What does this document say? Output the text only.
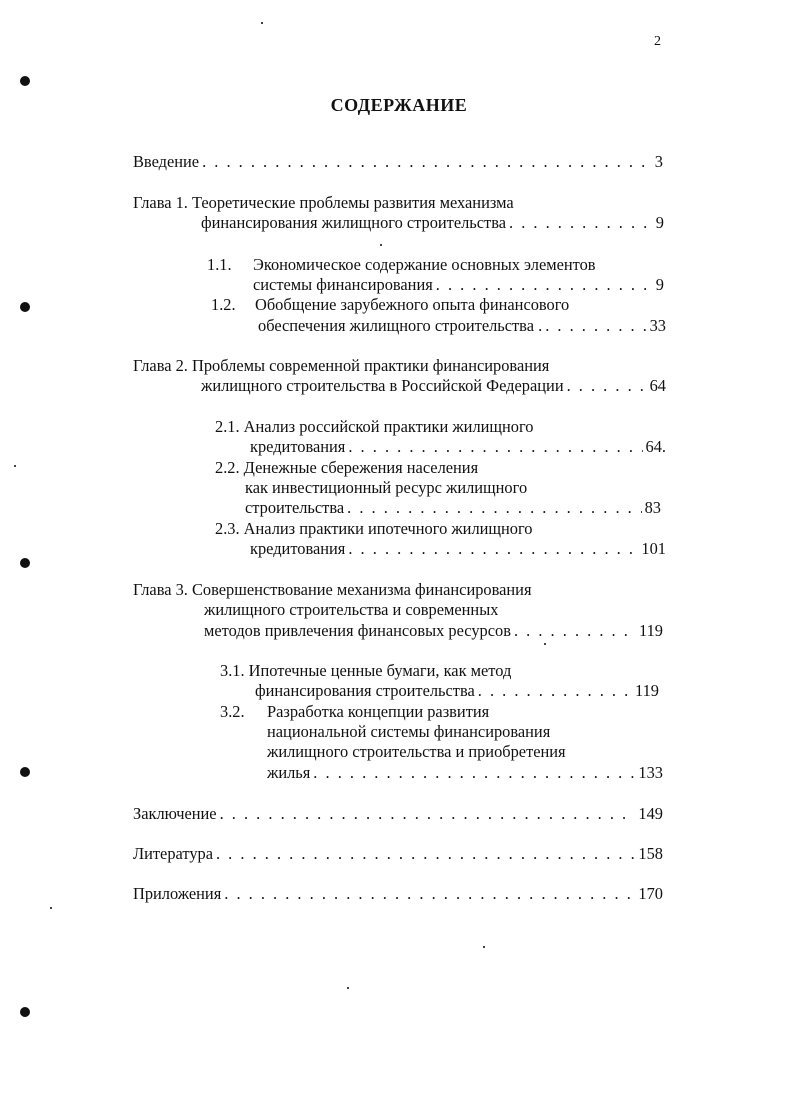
2
СОДЕРЖАНИЕ
Введение . . .	3
Глава 1. Теоретические проблемы развития механизма
финансирования жилищного строительства . . .	9
1.1. Экономическое содержание основных элементов
системы финансирования . . .	9
1.2. Обобщение зарубежного опыта финансового
обеспечения жилищного строительства . . . .	33
Глава 2. Проблемы современной практики финансирования
жилищного строительства в Российской Федерации . . .	64
2.1. Анализ российской практики жилищного
кредитования . . .	64.
2.2. Денежные сбережения населения
как инвестиционный ресурс жилищного
строительства . . .	83
2.3. Анализ практики ипотечного жилищного
кредитования . . .	101
Глава 3. Совершенствование механизма финансирования
жилищного строительства и современных
методов привлечения финансовых ресурсов . . .	119
3.1. Ипотечные ценные бумаги, как метод
финансирования строительства . . .	119
3.2. Разработка концепции развития
национальной системы финансирования
жилищного строительства и приобретения
жилья . . .	133
Заключение . . .	149
Литература . . .	158
Приложения . . .	170
